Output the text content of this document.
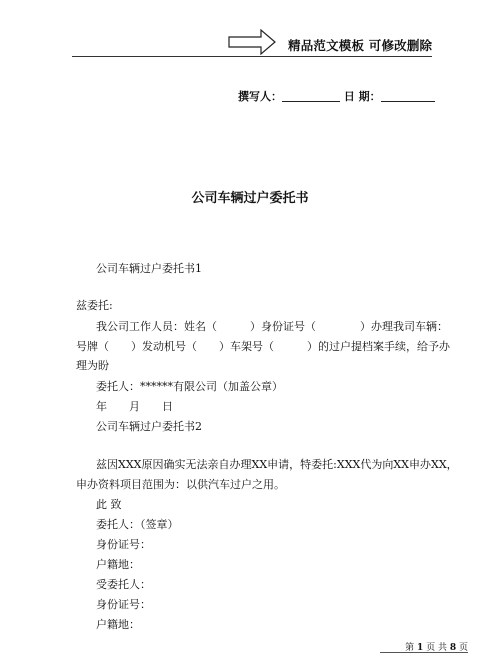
精品范文模板 可修改删除
撰写人：	日 期：
公司车辆过户委托书
公司车辆过户委托书1
兹委托:
我公司工作人员：姓名（　　　）身份证号（　　　　）办理我司车辆：
号牌（　　）发动机号（　　）车架号（　　　）的过户提档案手续，给予办
理为盼
委托人：******有限公司（加盖公章）
年　　月　　日
公司车辆过户委托书2
兹因XXX原因确实无法亲自办理XX申请，特委托:XXX代为向XX申办XX，
申办资料项目范围为：以供汽车过户之用。
此 致
委托人：（签章）
身份证号：
户籍地：
受委托人：
身份证号：
户籍地：
第 1 页 共 8 页
